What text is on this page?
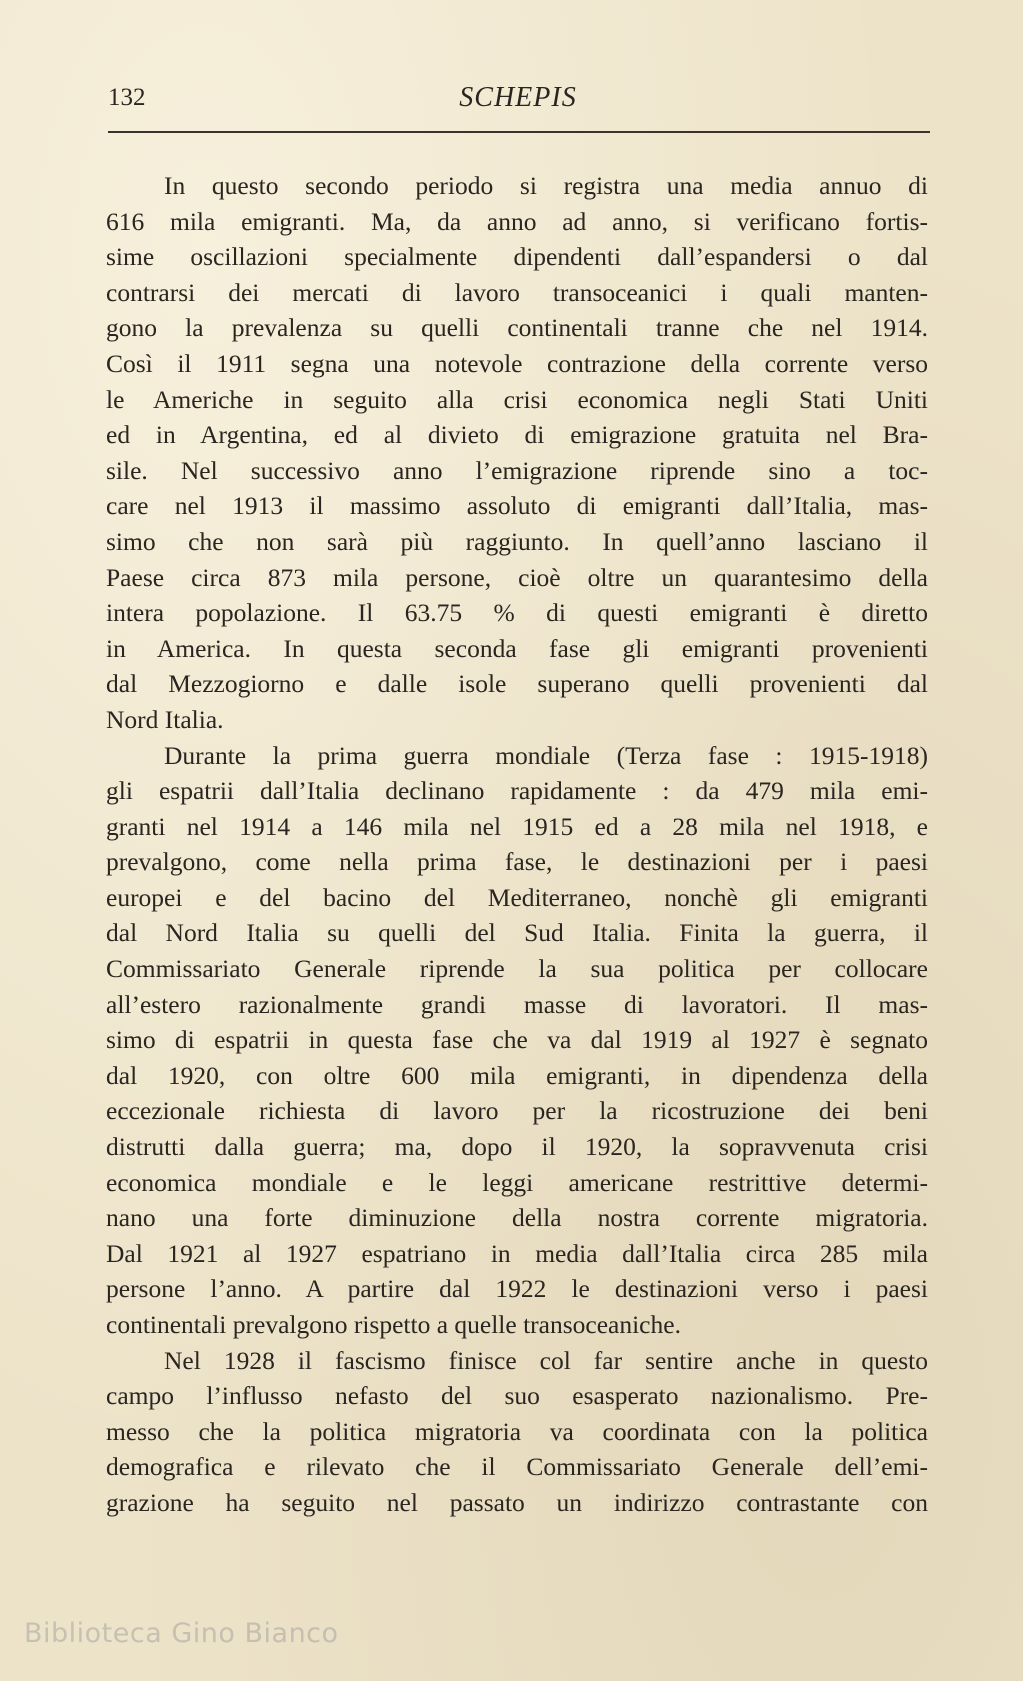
132	SCHEPIS
In questo secondo periodo si registra una media annuo di
616 mila emigranti. Ma, da anno ad anno, si verificano fortis-
sime oscillazioni specialmente dipendenti dall’espandersi o dal
contrarsi dei mercati di lavoro transoceanici i quali manten-
gono la prevalenza su quelli continentali tranne che nel 1914.
Così il 1911 segna una notevole contrazione della corrente verso
le Americhe in seguito alla crisi economica negli Stati Uniti
ed in Argentina, ed al divieto di emigrazione gratuita nel Bra-
sile. Nel successivo anno l’emigrazione riprende sino a toc-
care nel 1913 il massimo assoluto di emigranti dall’Italia, mas-
simo che non sarà più raggiunto. In quell’anno lasciano il
Paese circa 873 mila persone, cioè oltre un quarantesimo della
intera popolazione. Il 63.75 % di questi emigranti è diretto
in America. In questa seconda fase gli emigranti provenienti
dal Mezzogiorno e dalle isole superano quelli provenienti dal
Nord Italia.
Durante la prima guerra mondiale (Terza fase : 1915-1918)
gli espatrii dall’Italia declinano rapidamente : da 479 mila emi-
granti nel 1914 a 146 mila nel 1915 ed a 28 mila nel 1918, e
prevalgono, come nella prima fase, le destinazioni per i paesi
europei e del bacino del Mediterraneo, nonchè gli emigranti
dal Nord Italia su quelli del Sud Italia. Finita la guerra, il
Commissariato Generale riprende la sua politica per collocare
all’estero razionalmente grandi masse di lavoratori. Il mas-
simo di espatrii in questa fase che va dal 1919 al 1927 è segnato
dal 1920, con oltre 600 mila emigranti, in dipendenza della
eccezionale richiesta di lavoro per la ricostruzione dei beni
distrutti dalla guerra; ma, dopo il 1920, la sopravvenuta crisi
economica mondiale e le leggi americane restrittive determi-
nano una forte diminuzione della nostra corrente migratoria.
Dal 1921 al 1927 espatriano in media dall’Italia circa 285 mila
persone l’anno. A partire dal 1922 le destinazioni verso i paesi
continentali prevalgono rispetto a quelle transoceaniche.
Nel 1928 il fascismo finisce col far sentire anche in questo
campo l’influsso nefasto del suo esasperato nazionalismo. Pre-
messo che la politica migratoria va coordinata con la politica
demografica e rilevato che il Commissariato Generale dell’emi-
grazione ha seguito nel passato un indirizzo contrastante con
Biblioteca Gino Bianco
